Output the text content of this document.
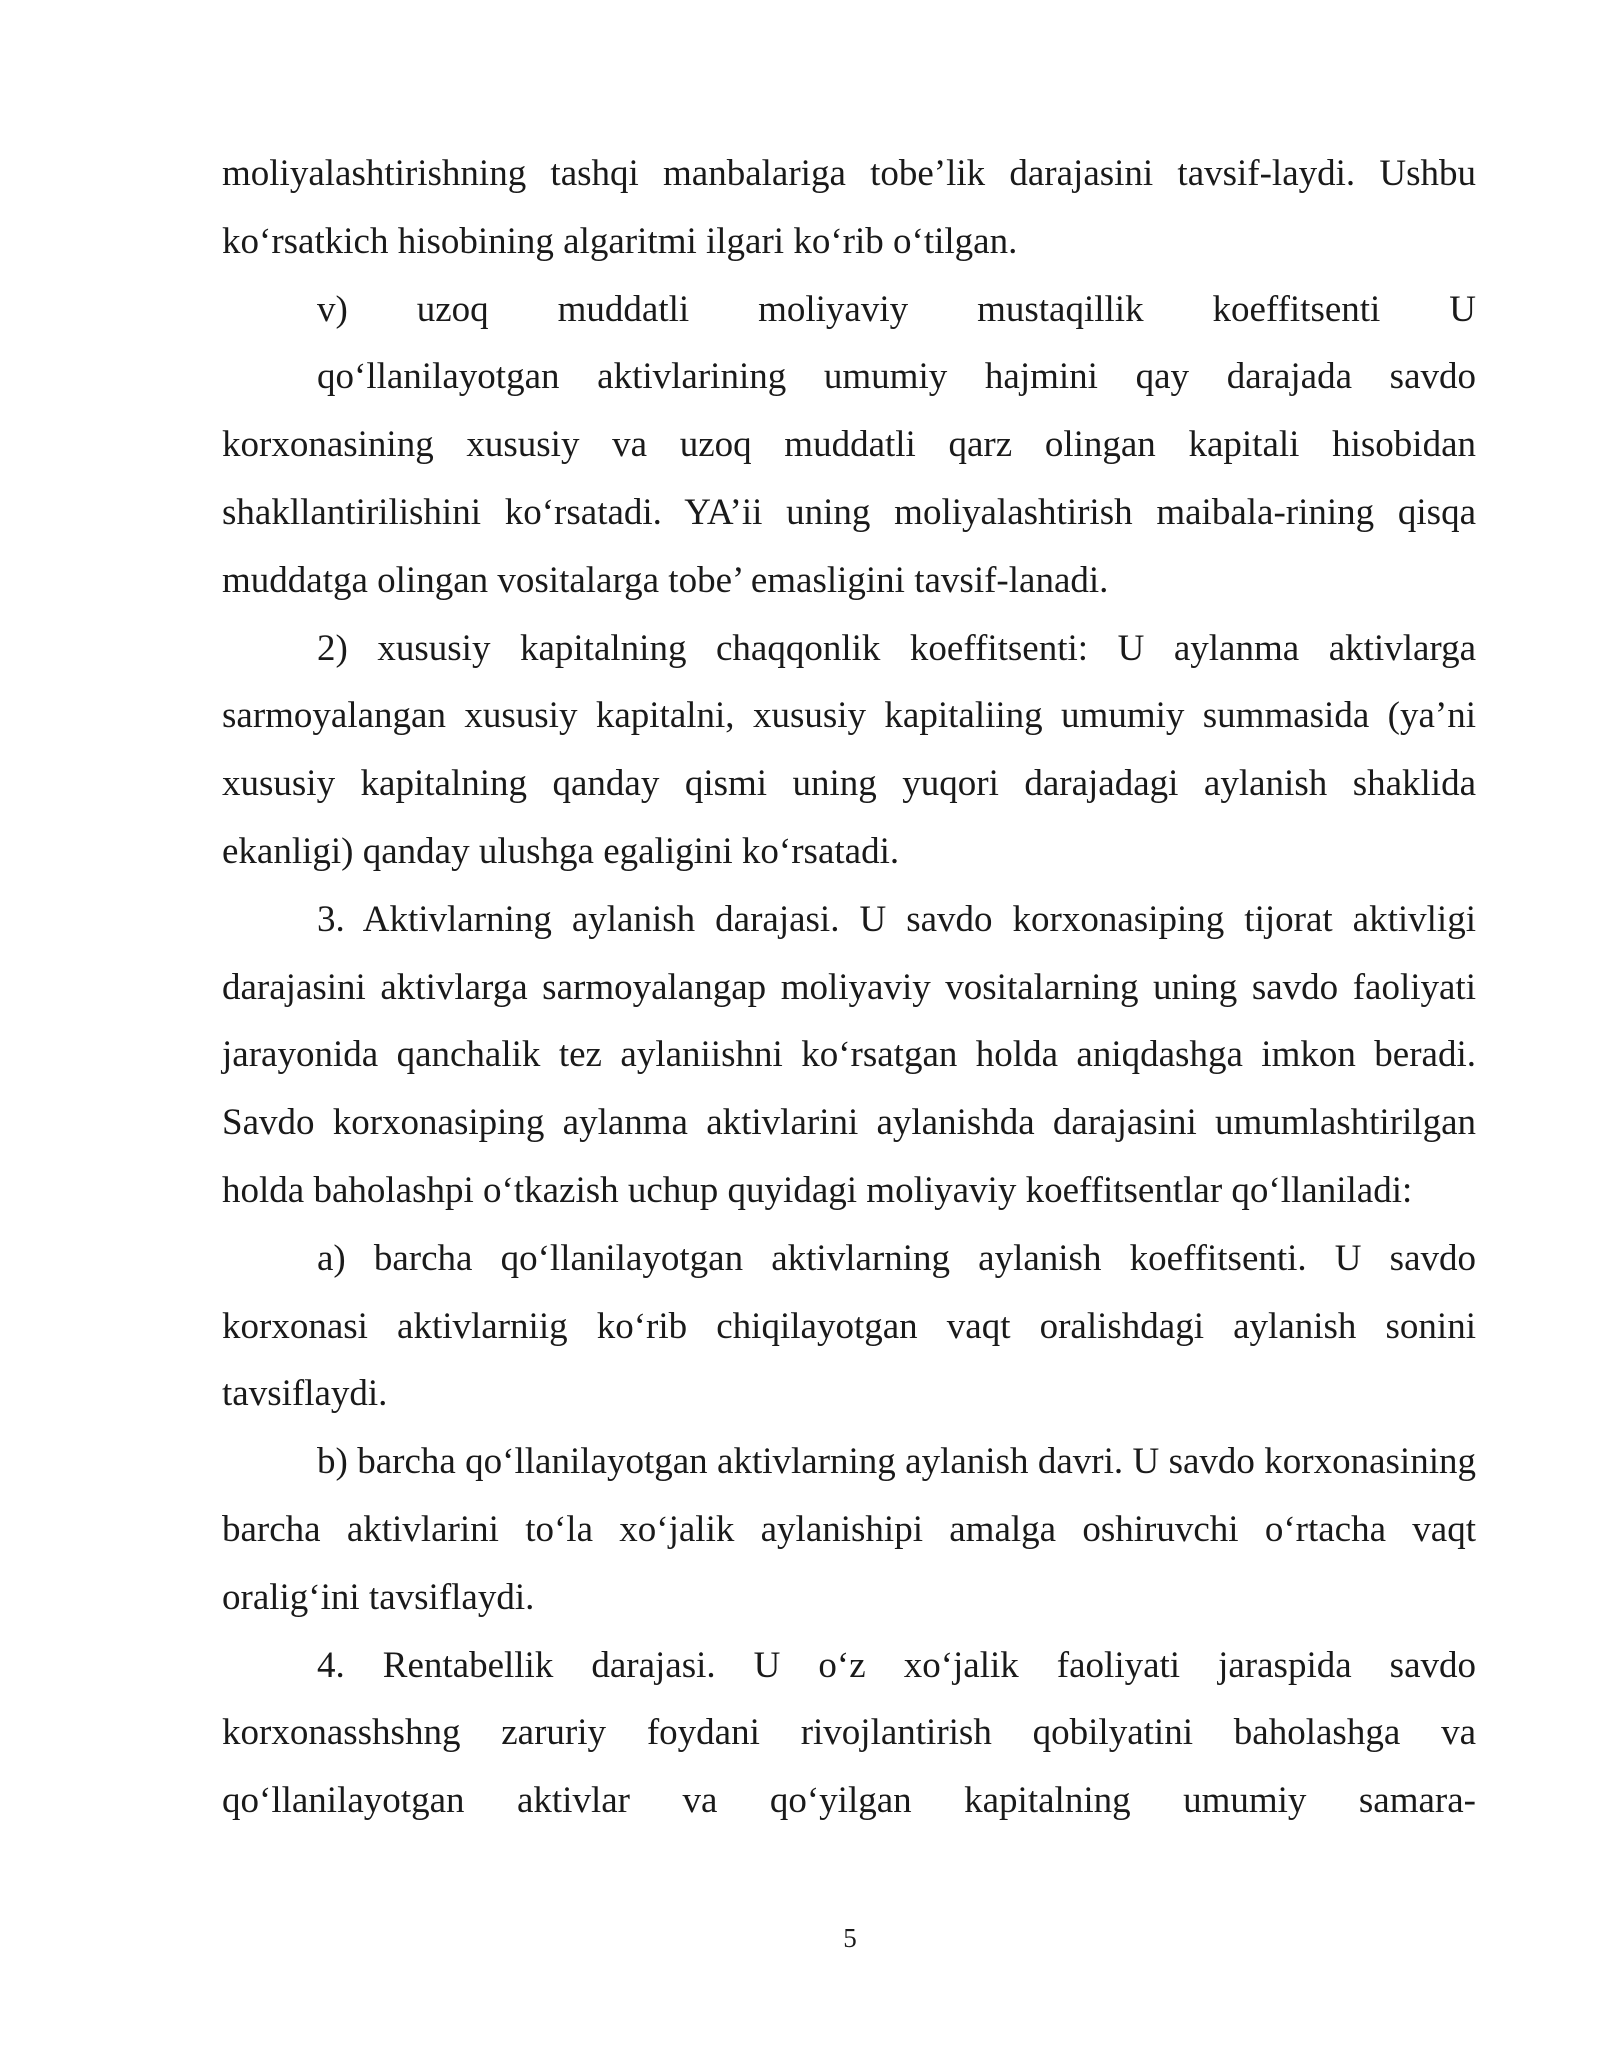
moliyalashtirishning tashqi manbalariga tobe’lik darajasini tavsif-laydi. Ushbu ko‘rsatkich hisobining algaritmi ilgari ko‘rib o‘tilgan.

v) uzoq muddatli moliyaviy mustaqillik koeffitsenti U

qo‘llanilayotgan aktivlarining umumiy hajmini qay darajada savdo korxonasining xususiy va uzoq muddatli qarz olingan kapitali hisobidan shakllantirilishini ko‘rsatadi. YA’ii uning moliyalashtirish maibala-rining qisqa muddatga olingan vositalarga tobe’ emasligini tavsif-lanadi.

2) xususiy kapitalning chaqqonlik koeffitsenti: U aylanma aktivlarga sarmoyalangan xususiy kapitalni, xususiy kapitaliing umumiy summasida (ya’ni xususiy kapitalning qanday qismi uning yuqori darajadagi aylanish shaklida ekanligi) qanday ulushga egaligini ko‘rsatadi.

3. Aktivlarning aylanish darajasi. U savdo korxonasiping tijorat aktivligi darajasini aktivlarga sarmoyalangap moliyaviy vositalarning uning savdo faoliyati jarayonida qanchalik tez aylaniishni ko‘rsatgan holda aniqdashga imkon beradi. Savdo korxonasiping aylanma aktivlarini aylanishda darajasini umumlashtirilgan holda baholashpi o‘tkazish uchup quyidagi moliyaviy koeffitsentlar qo‘llaniladi:

a) barcha qo‘llanilayotgan aktivlarning aylanish koeffitsenti. U savdo korxonasi aktivlarniig ko‘rib chiqilayotgan vaqt oralishdagi aylanish sonini tavsiflaydi.

b) barcha qo‘llanilayotgan aktivlarning aylanish davri. U savdo korxonasining barcha aktivlarini to‘la xo‘jalik aylanishipi amalga oshiruvchi o‘rtacha vaqt oralig‘ini tavsiflaydi.

4. Rentabellik darajasi. U o‘z xo‘jalik faoliyati jaraspida savdo korxonasshshng zaruriy foydani rivojlantirish qobilyatini baholashga va qo‘llanilayotgan aktivlar va qo‘yilgan kapitalning umumiy samara-

5
